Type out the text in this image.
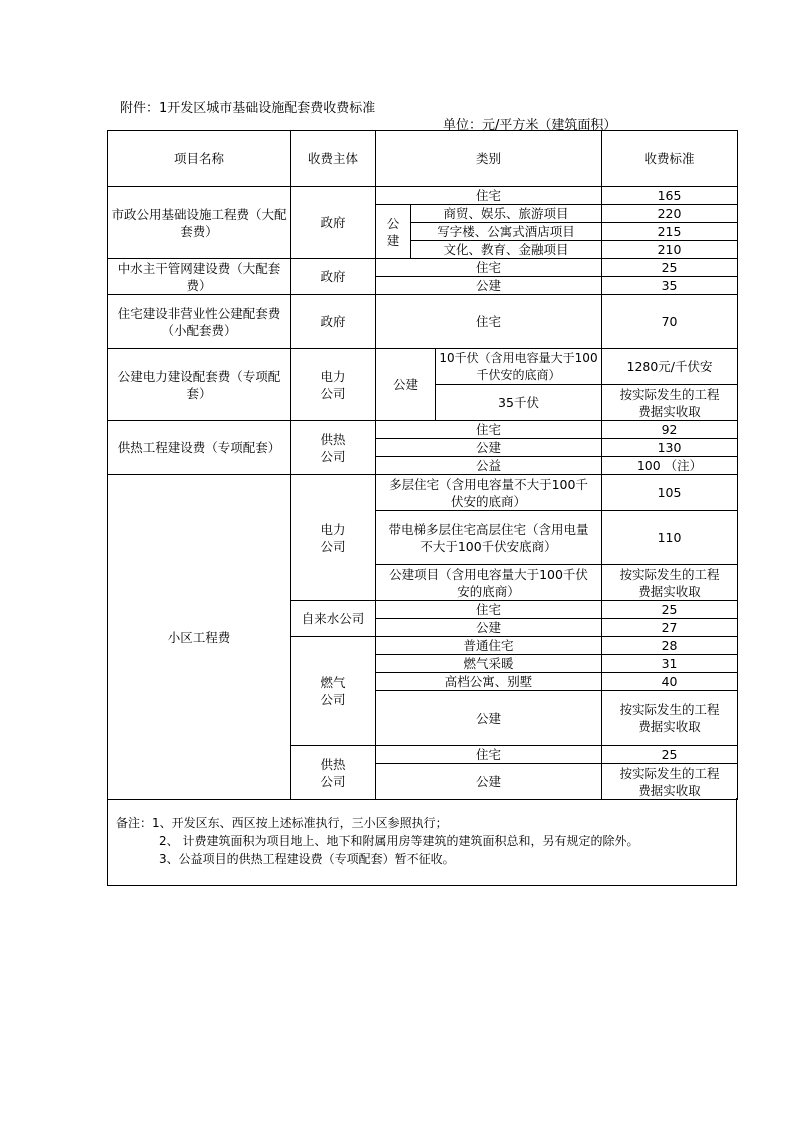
附件：1开发区城市基础设施配套费收费标准
单位：元/平方米（建筑面积）
项目名称	收费主体	类别			收费标准
市政公用基础设施工程费（大配套费）	政府	住宅			165
		公建	商贸、娱乐、旅游项目		220
			写字楼、公寓式酒店项目		215
			文化、教育、金融项目		210
中水主干管网建设费（大配套费）	政府	住宅			25
		公建			35
住宅建设非营业性公建配套费（小配套费）	政府	住宅			70
公建电力建设配套费（专项配套）	电力公司	公建		10千伏（含用电容量大于100千伏安的底商）	1280元/千伏安
				35千伏	按实际发生的工程费据实收取
供热工程建设费（专项配套）	供热公司	住宅			92
		公建			130
		公益			100 （注）
小区工程费	电力公司	多层住宅（含用电容量不大于100千伏安的底商）			105
		带电梯多层住宅高层住宅（含用电量不大于100千伏安底商）			110
		公建项目（含用电容量大于100千伏安的底商）			按实际发生的工程费据实收取
	自来水公司	住宅			25
		公建			27
	燃气公司	普通住宅			28
		燃气采暖			31
		高档公寓、别墅			40
		公建			按实际发生的工程费据实收取
	供热公司	住宅			25
		公建			按实际发生的工程费据实收取
备注：1、开发区东、西区按上述标准执行，三小区参照执行；
2、 计费建筑面积为项目地上、地下和附属用房等建筑的建筑面积总和，另有规定的除外。
3、公益项目的供热工程建设费（专项配套）暂不征收。
